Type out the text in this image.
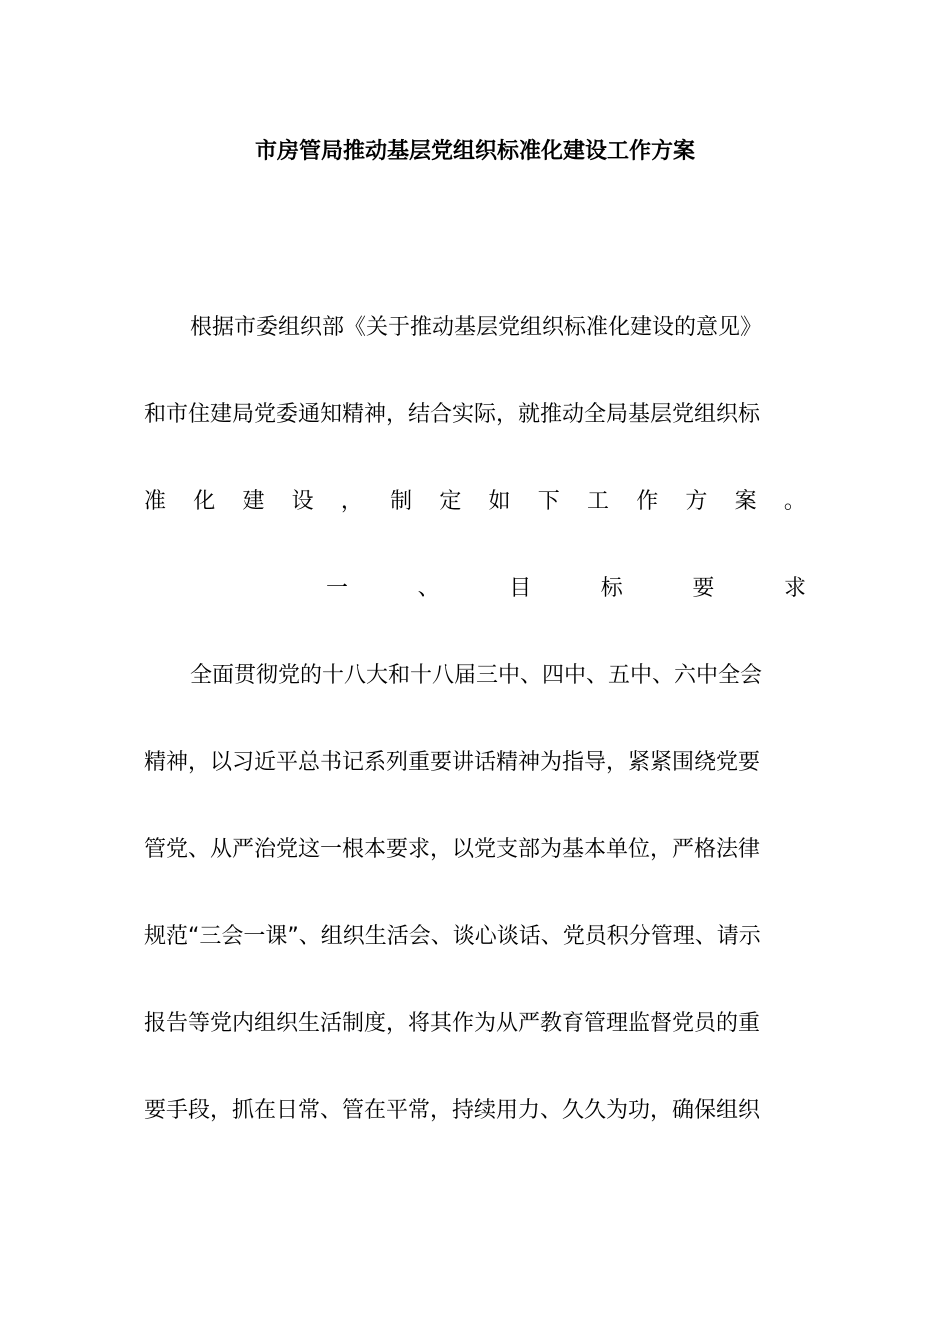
市房管局推动基层党组织标准化建设工作方案
根据市委组织部《关于推动基层党组织标准化建设的意见》
和市住建局党委通知精神，结合实际，就推动全局基层党组织标
准 化 建 设 ， 制 定 如 下 工 作 方 案 。
一	、	目	标	要	求
全面贯彻党的十八大和十八届三中、四中、五中、六中全会
精神，以习近平总书记系列重要讲话精神为指导，紧紧围绕党要
管党、从严治党这一根本要求，以党支部为基本单位，严格法律
规范“三会一课”、组织生活会、谈心谈话、党员积分管理、请示
报告等党内组织生活制度，将其作为从严教育管理监督党员的重
要手段，抓在日常、管在平常，持续用力、久久为功，确保组织
